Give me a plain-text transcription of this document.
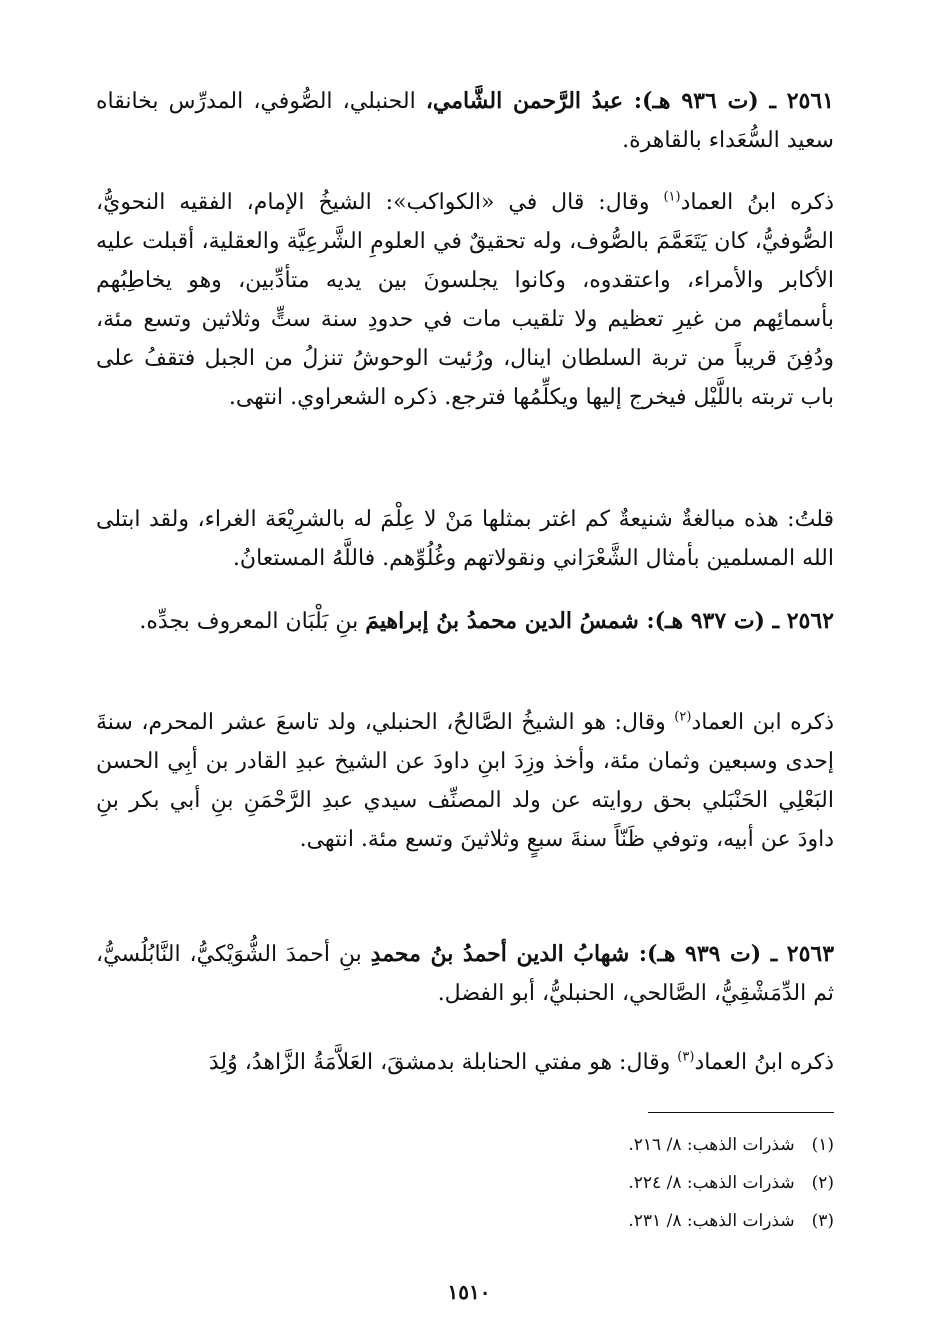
٢٥٦١ ـ (ت ٩٣٦ هـ): عبدُ الرَّحمن الشَّامي، الحنبلي، الصُّوفي، المدرِّس بخانقاه سعيد السُّعَداء بالقاهرة.

ذكره ابنُ العماد$^{(١)}$ وقال: قال في «الكواكب»: الشيخُ الإمام، الفقيه النحويُّ، الصُّوفيُّ، كان يَتَعَمَّمَ بالصُّوف، وله تحقيقٌ في العلومِ الشَّرعِيَّة والعقلية، أقبلت عليه الأكابر والأمراء، واعتقدوه، وكانوا يجلسونَ بين يديه متأدِّبين، وهو يخاطِبُهم بأسمائِهم من غيرِ تعظيم ولا تلقيب مات في حدودِ سنة ستٍّ وثلاثين وتسع مئة، ودُفِنَ قريباً من تربة السلطان اينال، ورُئيت الوحوشُ تنزلُ من الجبل فتقفُ على باب تربته باللَّيْل فيخرج إليها ويكلِّمُها فترجع. ذكره الشعراوي. انتهى.

قلتُ: هذه مبالغةٌ شنيعةٌ كم اغتر بمثلها مَنْ لا عِلْمَ له بالشرِيْعَة الغراء، ولقد ابتلى الله المسلمين بأمثال الشَّعْرَاني ونقولاتهم وغُلُوِّهم. فاللَّهُ المستعانُ.

٢٥٦٢ ـ (ت ٩٣٧ هـ): شمسُ الدين محمدُ بنُ إبراهيمَ بنِ بَلْبَان المعروف بجدِّه.

ذكره ابن العماد$^{(٢)}$ وقال: هو الشيخُ الصَّالحُ، الحنبلي، ولد تاسعَ عشر المحرم، سنةَ إحدى وسبعين وثمان مئة، وأخذ وزِدَ ابنِ داودَ عن الشيخ عبدِ القادر بن أبِي الحسن البَعْلِي الحَنْبَلي بحق روايته عن ولد المصنِّف سيدي عبدِ الرَّحْمَنِ بنِ أبي بكر بنِ داودَ عن أبيه، وتوفي ظَنّاً سنةَ سبعٍ وثلاثينَ وتسع مئة. انتهى.

٢٥٦٣ ـ (ت ٩٣٩ هـ): شهابُ الدين أحمدُ بنُ محمدِ بنِ أحمدَ الشُّوَيْكيُّ، النَّابُلُسيُّ، ثم الدِّمَشْقِيُّ، الصَّالحي، الحنبليُّ، أبو الفضل.

ذكره ابنُ العماد$^{(٣)}$ وقال: هو مفتي الحنابلة بدمشقَ، العَلاَّمَةُ الزَّاهدُ، وُلِدَ

(١) شذرات الذهب: ٨/ ٢١٦.
(٢) شذرات الذهب: ٨/ ٢٢٤.
(٣) شذرات الذهب: ٨/ ٢٣١.
١٥١٠
